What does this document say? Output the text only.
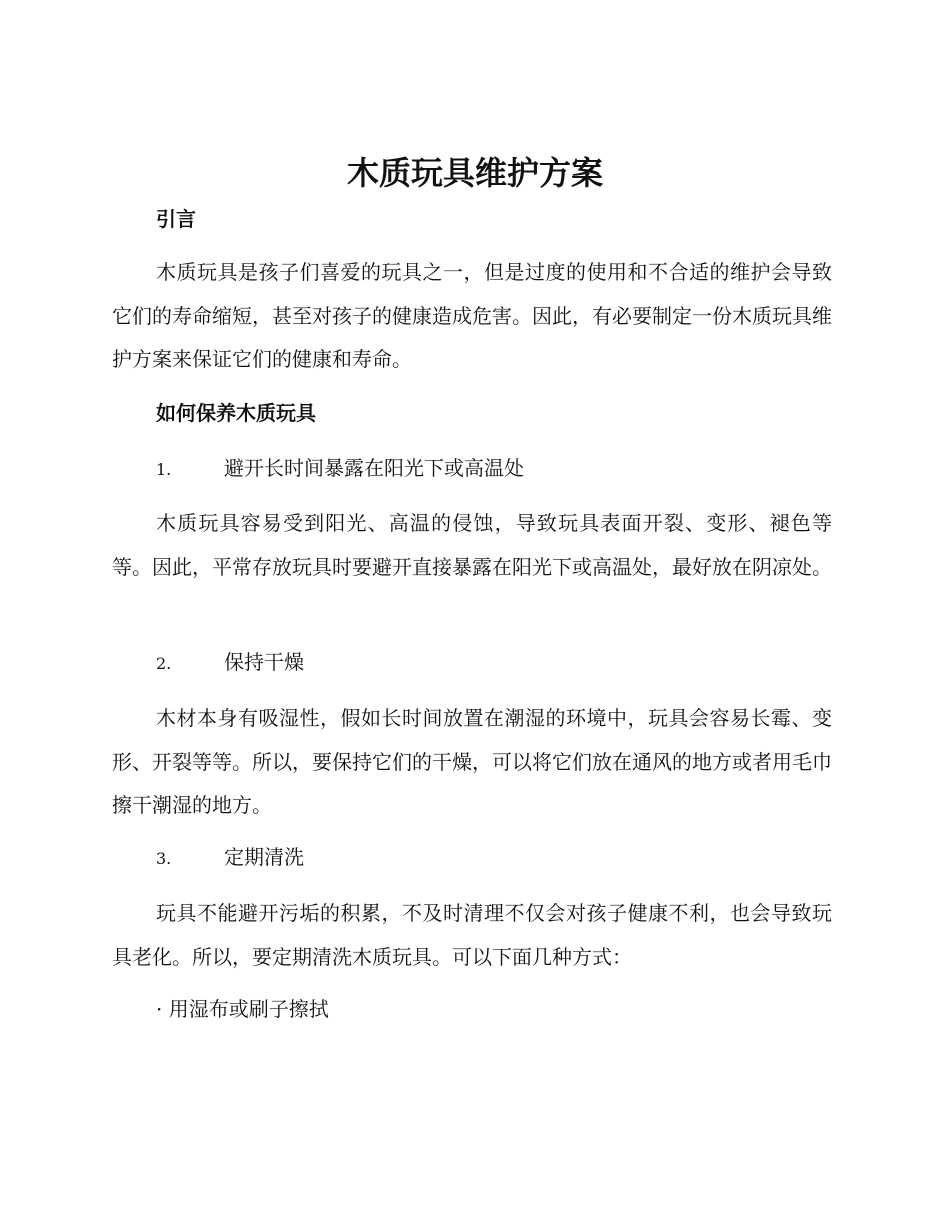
木质玩具维护方案
引言

木质玩具是孩子们喜爱的玩具之一，但是过度的使用和不合适的维护会导致它们的寿命缩短，甚至对孩子的健康造成危害。因此，有必要制定一份木质玩具维护方案来保证它们的健康和寿命。

如何保养木质玩具
1.	避开长时间暴露在阳光下或高温处

木质玩具容易受到阳光、高温的侵蚀，导致玩具表面开裂、变形、褪色等等。因此，平常存放玩具时要避开直接暴露在阳光下或高温处，最好放在阴凉处。

2.	保持干燥

木材本身有吸湿性，假如长时间放置在潮湿的环境中，玩具会容易长霉、变形、开裂等等。所以，要保持它们的干燥，可以将它们放在通风的地方或者用毛巾擦干潮湿的地方。

3.	定期清洗

玩具不能避开污垢的积累，不及时清理不仅会对孩子健康不利，也会导致玩具老化。所以，要定期清洗木质玩具。可以下面几种方式：

· 用湿布或刷子擦拭
